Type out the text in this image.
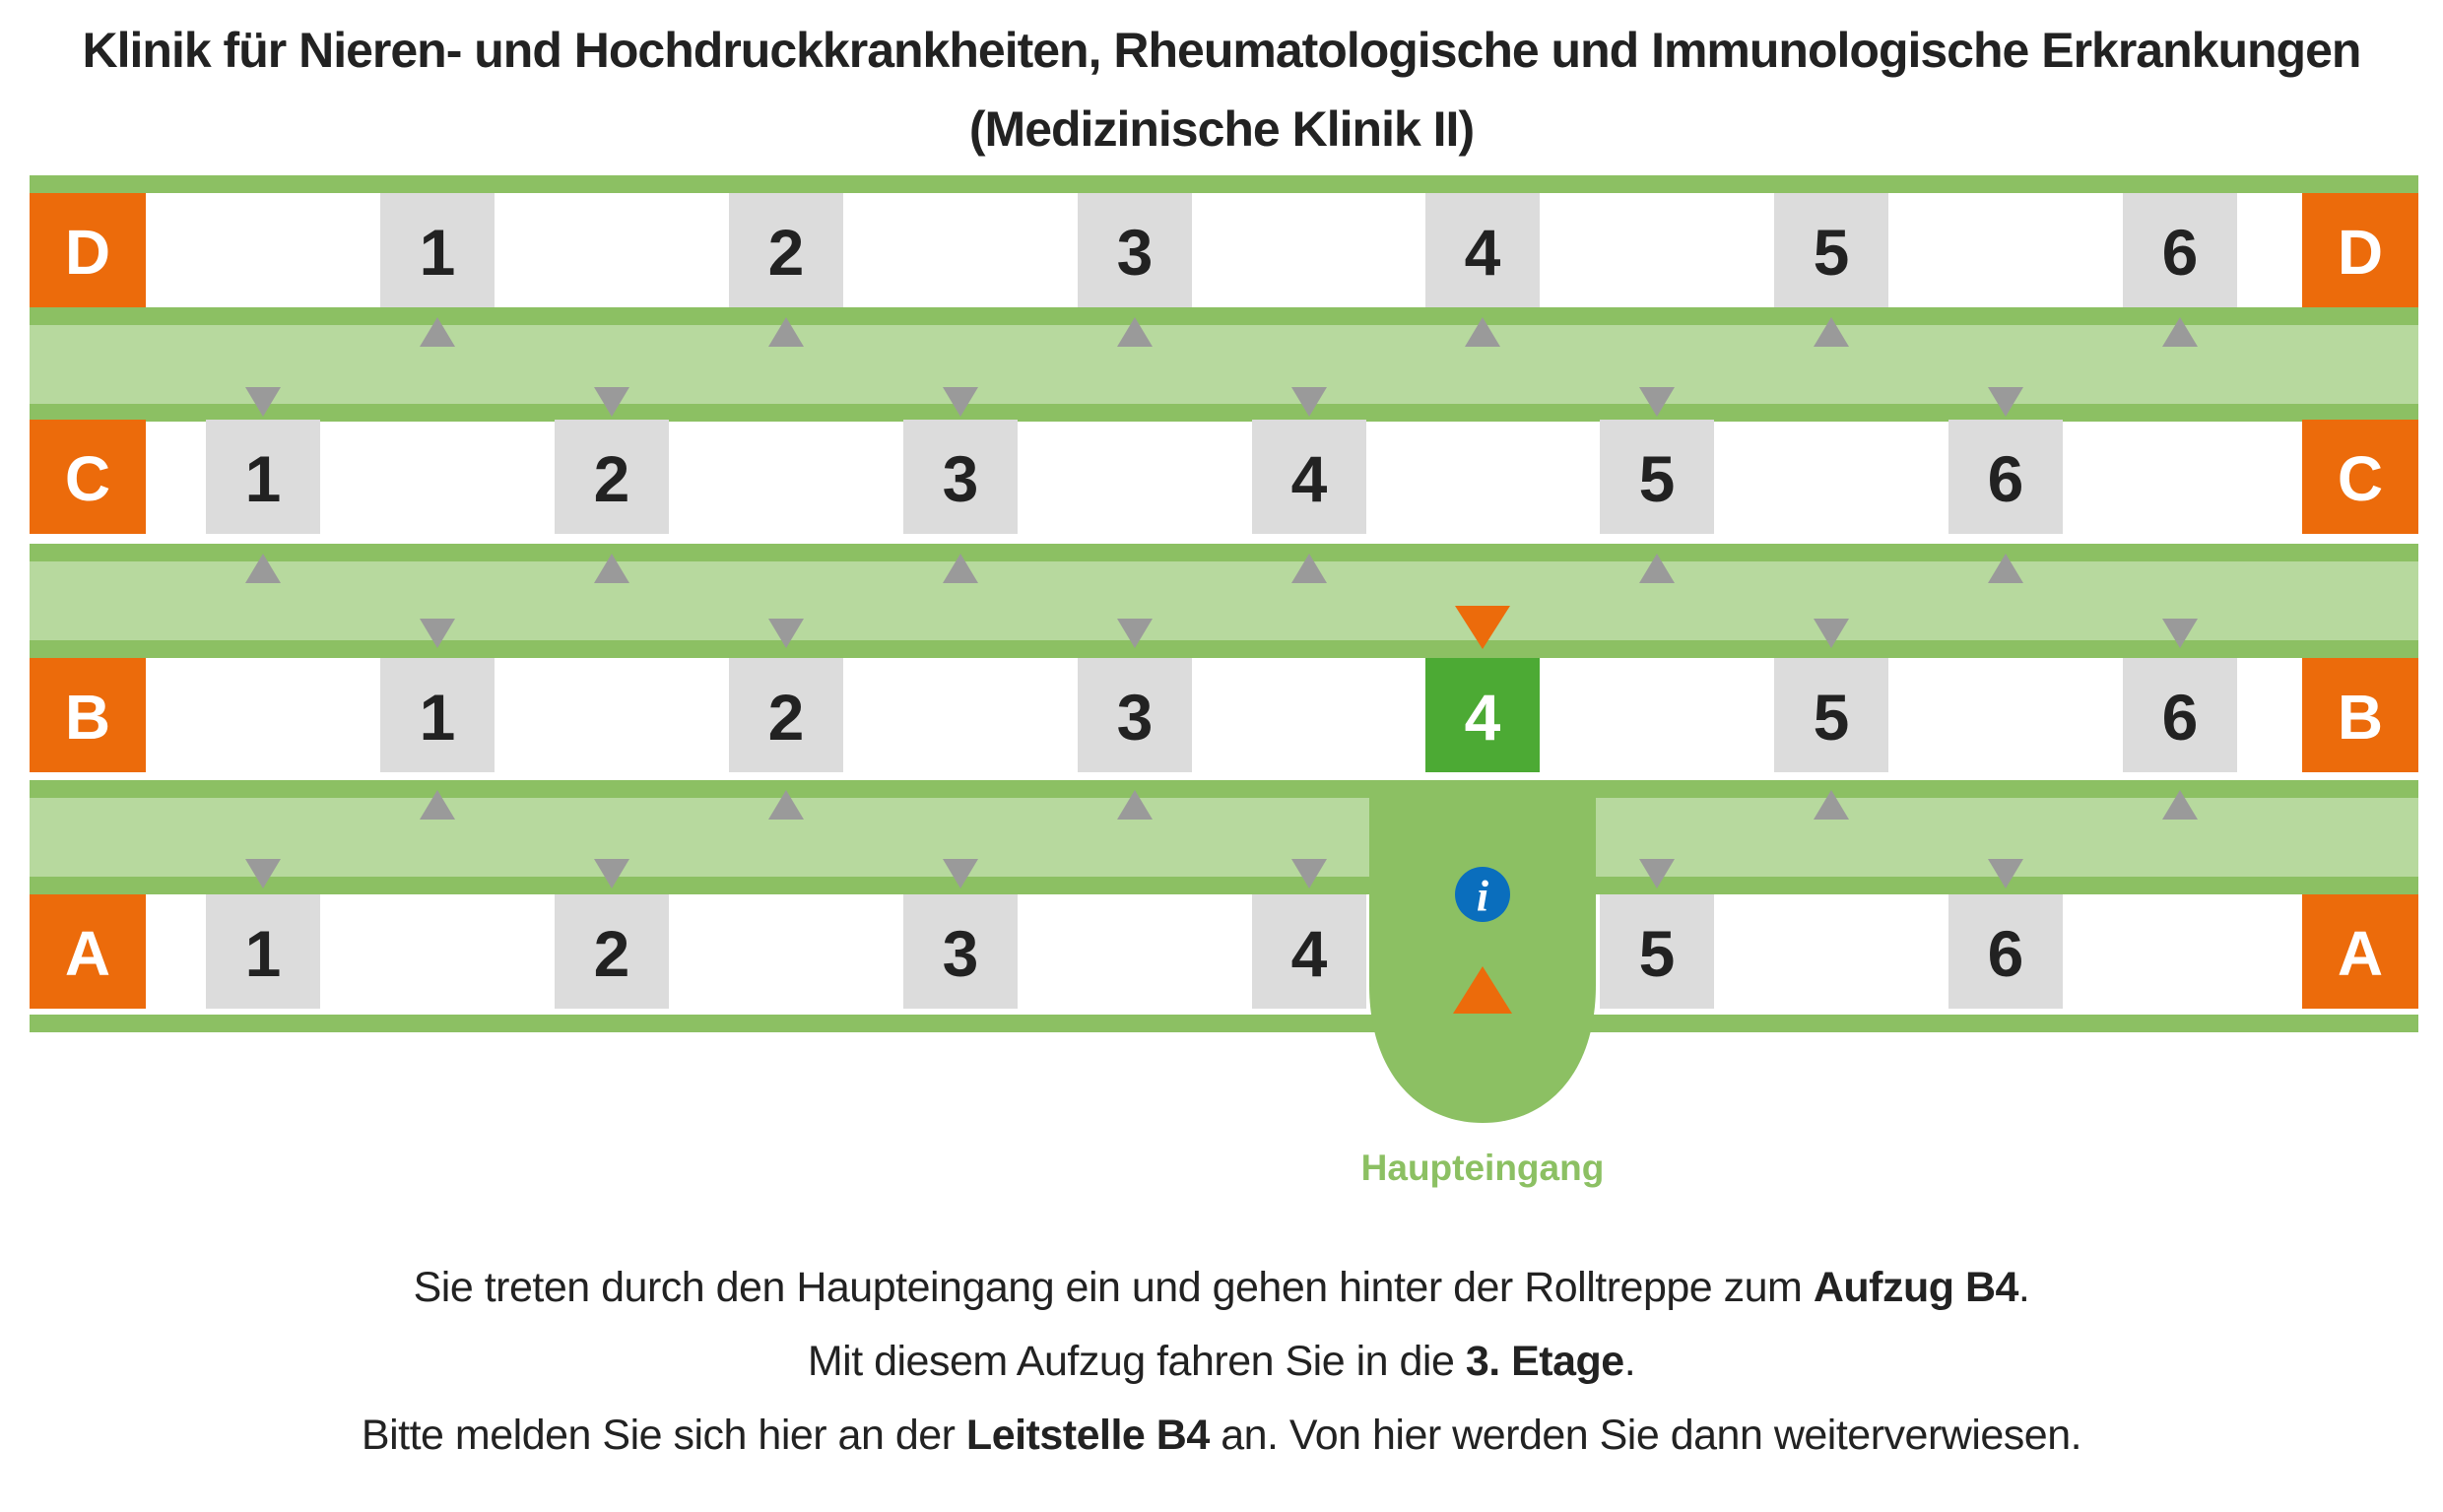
Klinik für Nieren- und Hochdruckkrankheiten, Rheumatologische und Immunologische Erkrankungen
(Medizinische Klinik II)
D	D
1	2	3	4	5	6
C	C
1	2	3	4	5	6
B	B
1	2	3	4	5	6
A	A
1	2	3	4	5	6
i
Haupteingang
Sie treten durch den Haupteingang ein und gehen hinter der Rolltreppe zum Aufzug B4.
Mit diesem Aufzug fahren Sie in die 3. Etage.
Bitte melden Sie sich hier an der Leitstelle B4 an. Von hier werden Sie dann weiterverwiesen.
